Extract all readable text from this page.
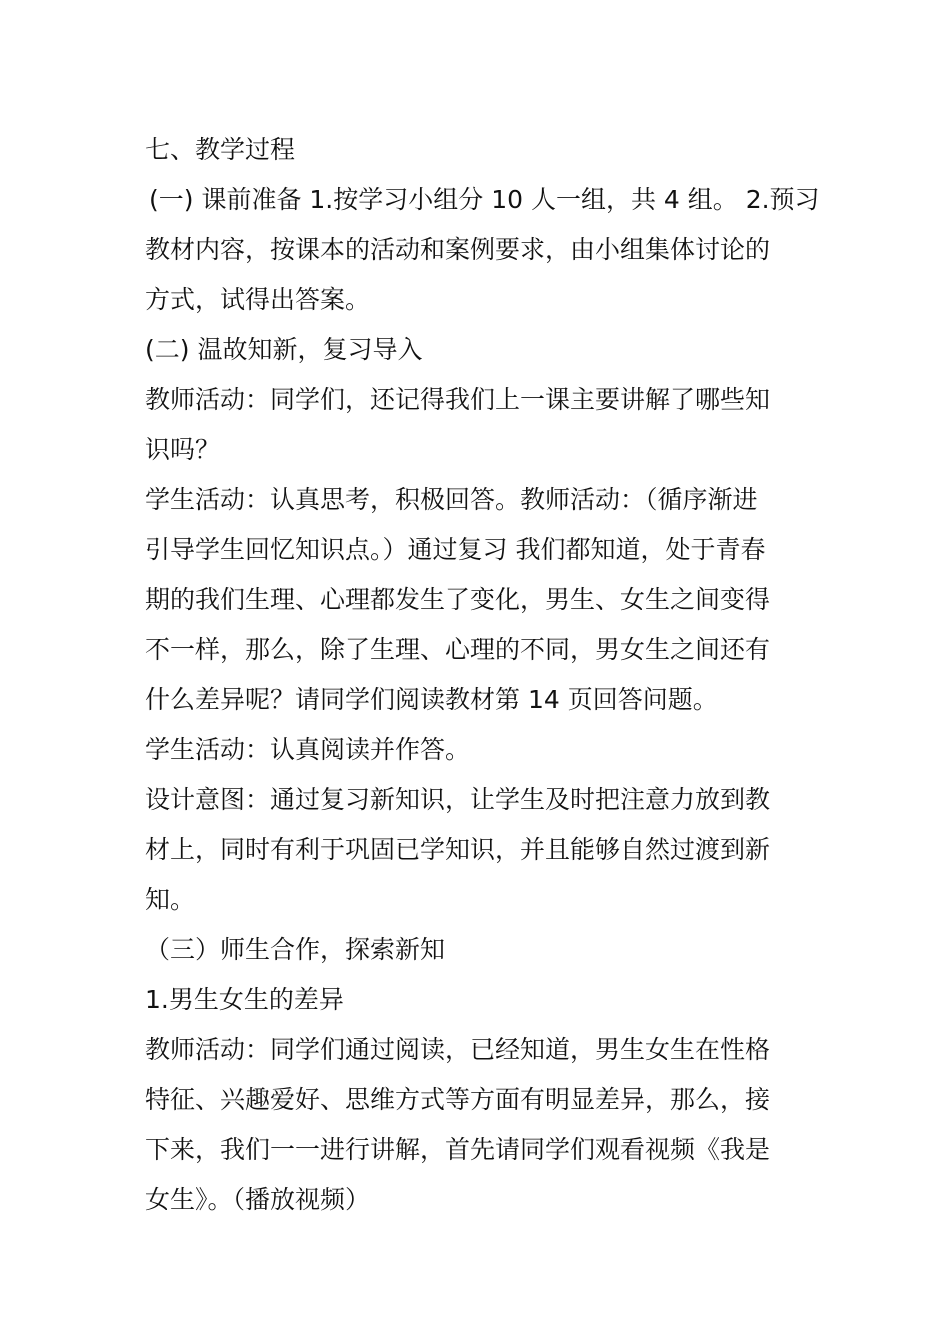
七、教学过程
(一) 课前准备 1.按学习小组分 10 人一组，共 4 组。 2.预习
教材内容，按课本的活动和案例要求，由小组集体讨论的
方式，试得出答案。
(二) 温故知新，复习导入
教师活动：同学们，还记得我们上一课主要讲解了哪些知
识吗？
学生活动：认真思考，积极回答。教师活动：（循序渐进
引导学生回忆知识点。）通过复习 我们都知道，处于青春
期的我们生理、心理都发生了变化，男生、女生之间变得
不一样，那么，除了生理、心理的不同，男女生之间还有
什么差异呢？请同学们阅读教材第 14 页回答问题。
学生活动：认真阅读并作答。
设计意图：通过复习新知识，让学生及时把注意力放到教
材上，同时有利于巩固已学知识，并且能够自然过渡到新
知。
（三）师生合作，探索新知
1.男生女生的差异
教师活动：同学们通过阅读，已经知道，男生女生在性格
特征、兴趣爱好、思维方式等方面有明显差异，那么，接
下来，我们一一进行讲解，首先请同学们观看视频《我是
女生》。（播放视频）
